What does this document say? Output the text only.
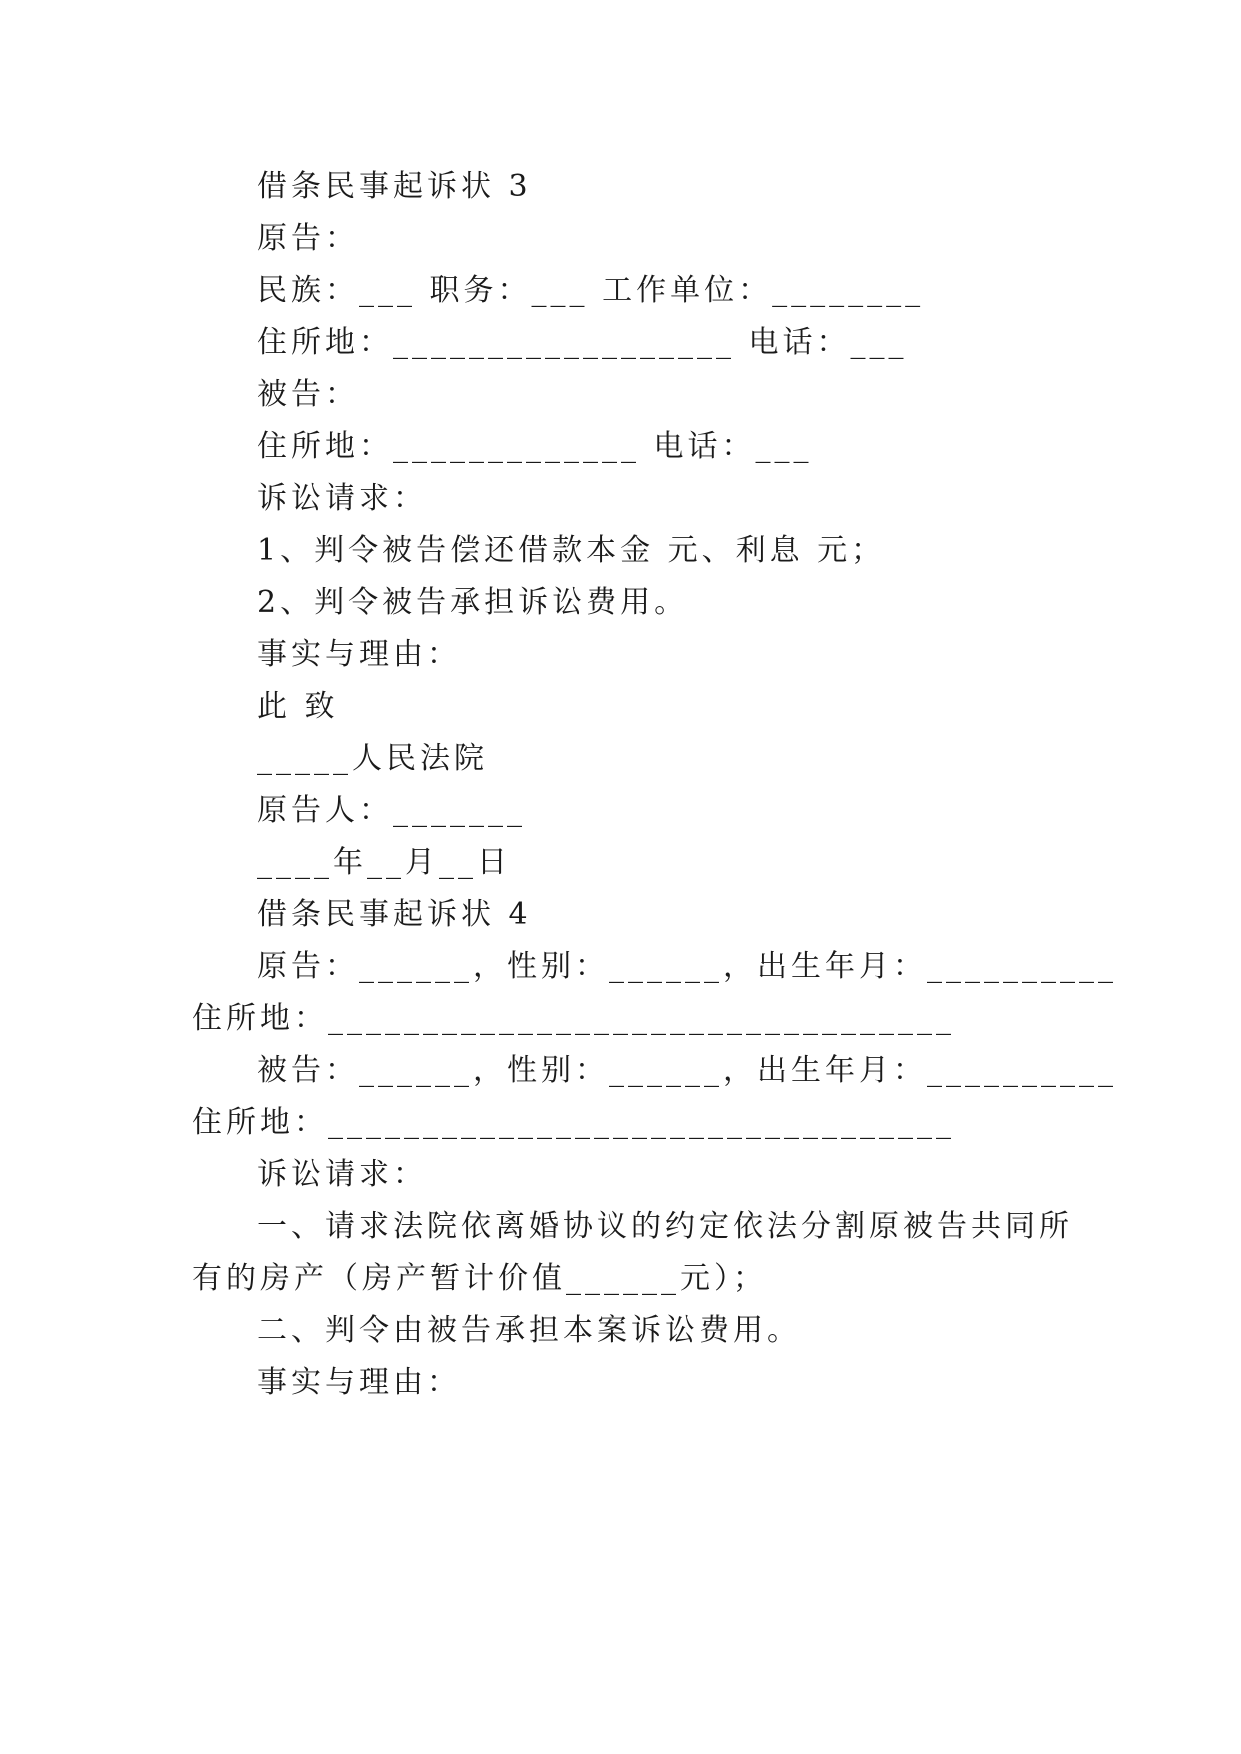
借条民事起诉状 3
原告：
民族：___ 职务：___ 工作单位：________
住所地：__________________ 电话：___
被告：
住所地：_____________ 电话：___
诉讼请求：
1、判令被告偿还借款本金 元、利息 元；
2、判令被告承担诉讼费用。
事实与理由：
此 致
_____人民法院
原告人：_______
____年__月__日
借条民事起诉状 4
原告：______，性别：______，出生年月：__________
住所地：_________________________________
被告：______，性别：______，出生年月：__________
住所地：_________________________________
诉讼请求：
一、请求法院依离婚协议的约定依法分割原被告共同所
有的房产（房产暂计价值______元）；
二、判令由被告承担本案诉讼费用。
事实与理由：
